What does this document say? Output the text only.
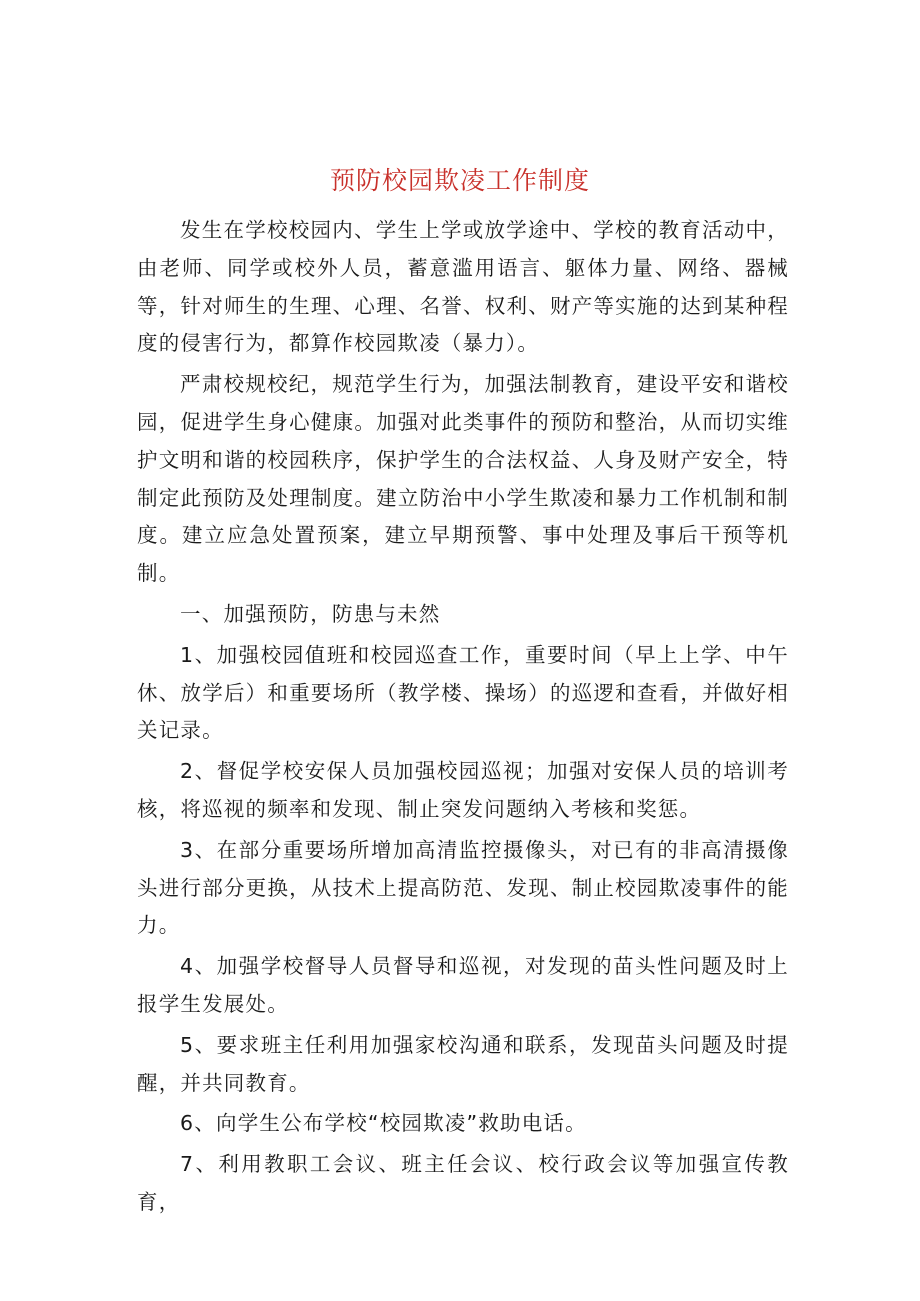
预防校园欺凌工作制度

发生在学校校园内、学生上学或放学途中、学校的教育活动中，由老师、同学或校外人员，蓄意滥用语言、躯体力量、网络、器械等，针对师生的生理、心理、名誉、权利、财产等实施的达到某种程度的侵害行为，都算作校园欺凌（暴力）。

严肃校规校纪，规范学生行为，加强法制教育，建设平安和谐校园，促进学生身心健康。加强对此类事件的预防和整治，从而切实维护文明和谐的校园秩序，保护学生的合法权益、人身及财产安全，特制定此预防及处理制度。建立防治中小学生欺凌和暴力工作机制和制度。建立应急处置预案，建立早期预警、事中处理及事后干预等机制。

一、加强预防，防患与未然

1、加强校园值班和校园巡查工作，重要时间（早上上学、中午休、放学后）和重要场所（教学楼、操场）的巡逻和查看，并做好相关记录。

2、督促学校安保人员加强校园巡视；加强对安保人员的培训考核，将巡视的频率和发现、制止突发问题纳入考核和奖惩。

3、在部分重要场所增加高清监控摄像头，对已有的非高清摄像头进行部分更换，从技术上提高防范、发现、制止校园欺凌事件的能力。

4、加强学校督导人员督导和巡视，对发现的苗头性问题及时上报学生发展处。

5、要求班主任利用加强家校沟通和联系，发现苗头问题及时提醒，并共同教育。

6、向学生公布学校“校园欺凌”救助电话。

7、利用教职工会议、班主任会议、校行政会议等加强宣传教育，
